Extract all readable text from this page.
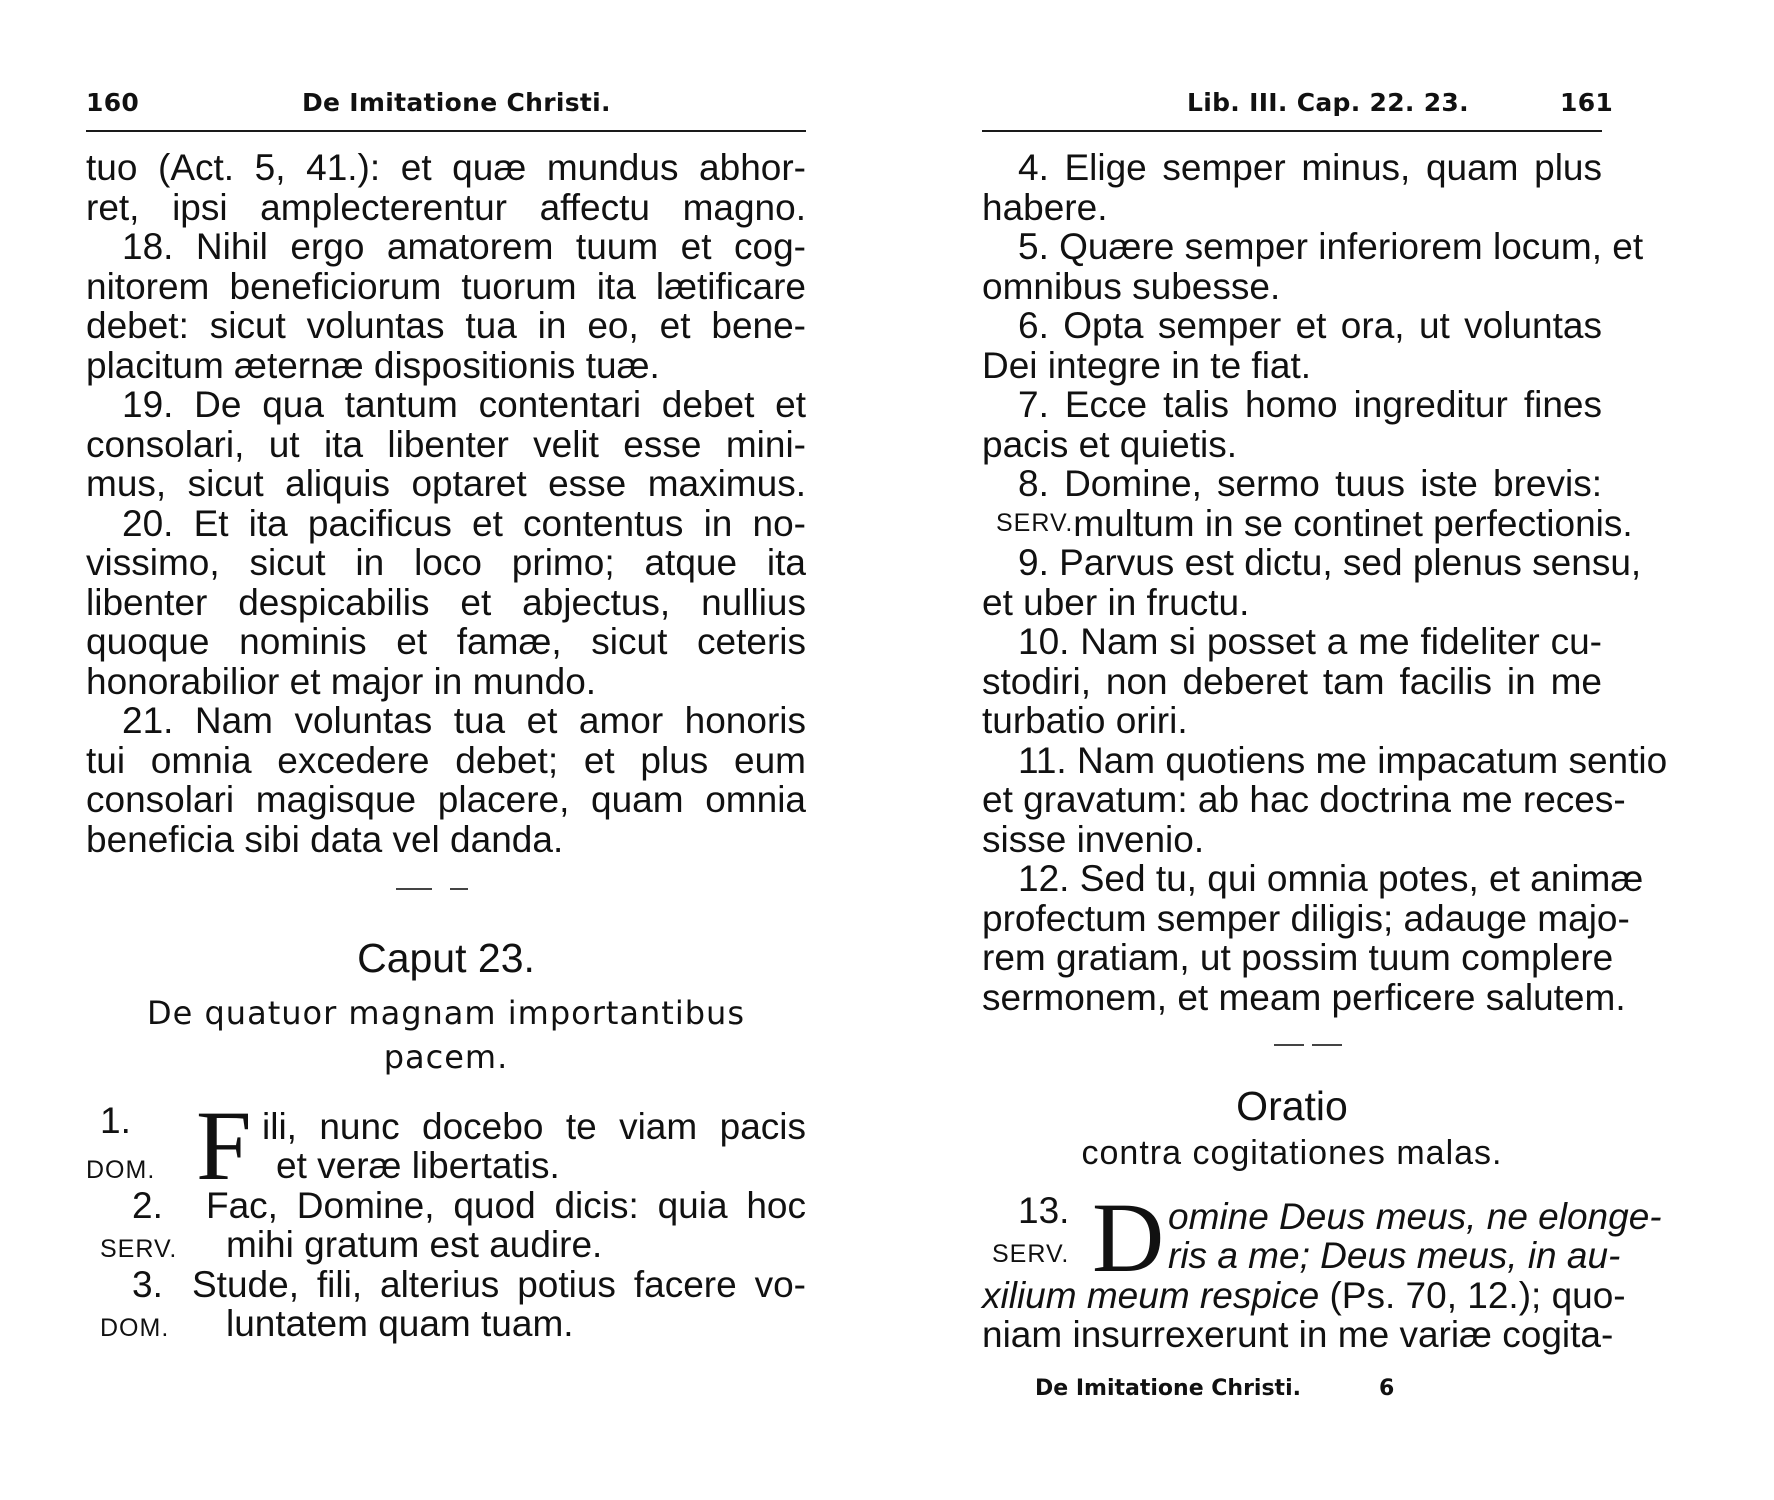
160	De Imitatione Christi.
tuo (Act. 5, 41.): et quæ mundus abhor-
ret, ipsi amplecterentur affectu magno.
18. Nihil ergo amatorem tuum et cog-
nitorem beneficiorum tuorum ita lætificare
debet: sicut voluntas tua in eo, et bene-
placitum æternæ dispositionis tuæ.
19. De qua tantum contentari debet et
consolari, ut ita libenter velit esse mini-
mus, sicut aliquis optaret esse maximus.
20. Et ita pacificus et contentus in no-
vissimo, sicut in loco primo; atque ita
libenter despicabilis et abjectus, nullius
quoque nominis et famæ, sicut ceteris
honorabilior et major in mundo.
21. Nam voluntas tua et amor honoris
tui omnia excedere debet; et plus eum
consolari magisque placere, quam omnia
beneficia sibi data vel danda.
Caput 23.
De quatuor magnam importantibus
pacem.
1. F ili, nunc docebo te viam pacis
DOM.	et veræ libertatis.
2. Fac, Domine, quod dicis: quia hoc
SERV. mihi gratum est audire.
3. Stude, fili, alterius potius facere vo-
DOM. luntatem quam tuam.
Lib. III. Cap. 22. 23.	161
4. Elige semper minus, quam plus
habere.
5. Quære semper inferiorem locum, et
omnibus subesse.
6. Opta semper et ora, ut voluntas
Dei integre in te fiat.
7. Ecce talis homo ingreditur fines
pacis et quietis.
8. Domine, sermo tuus iste brevis:
SERV. multum in se continet perfectionis.
9. Parvus est dictu, sed plenus sensu,
et uber in fructu.
10. Nam si posset a me fideliter cu-
stodiri, non deberet tam facilis in me
turbatio oriri.
11. Nam quotiens me impacatum sentio
et gravatum: ab hac doctrina me reces-
sisse invenio.
12. Sed tu, qui omnia potes, et animæ
profectum semper diligis; adauge majo-
rem gratiam, ut possim tuum complere
sermonem, et meam perficere salutem.
Oratio
contra cogitationes malas.
13.
SERV. D omine Deus meus, ne elonge-
ris a me; Deus meus, in au-
xilium meum respice (Ps. 70, 12.); quo-
niam insurrexerunt in me variæ cogita-
De Imitatione Christi.	6
